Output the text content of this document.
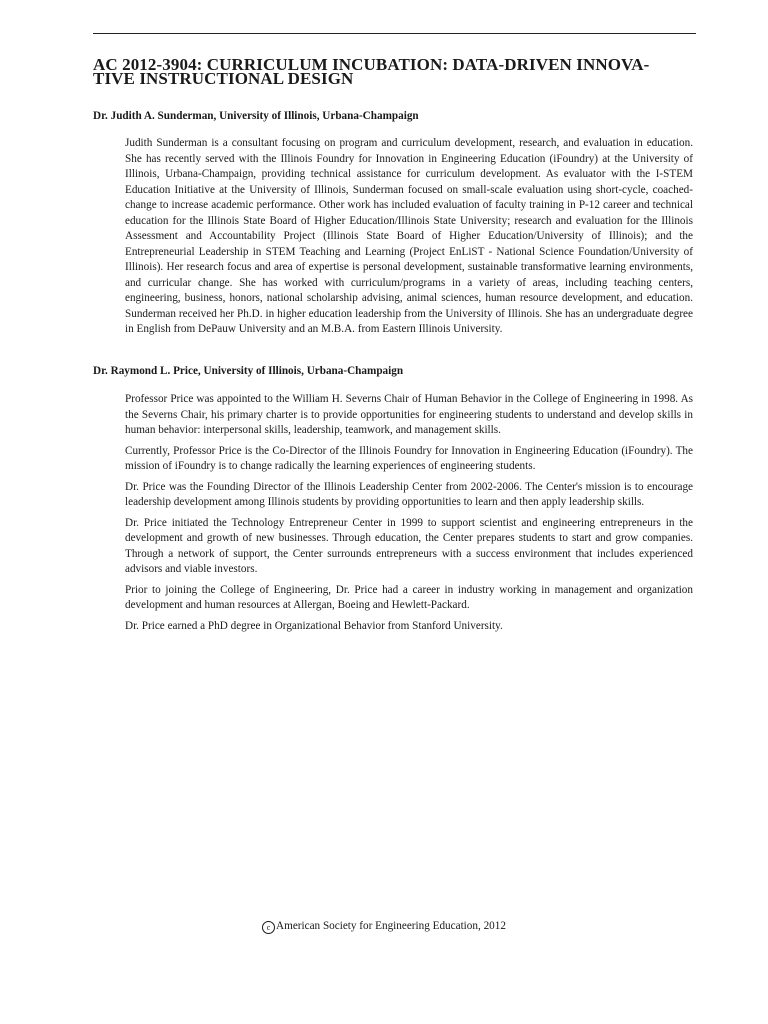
AC 2012-3904: CURRICULUM INCUBATION: DATA-DRIVEN INNOVA-
TIVE INSTRUCTIONAL DESIGN
Dr. Judith A. Sunderman, University of Illinois, Urbana-Champaign

Judith Sunderman is a consultant focusing on program and curriculum development, research, and evaluation in education. She has recently served with the Illinois Foundry for Innovation in Engineering Education (iFoundry) at the University of Illinois, Urbana-Champaign, providing technical assistance for curriculum development. As evaluator with the I-STEM Education Initiative at the University of Illinois, Sunderman focused on small-scale evaluation using short-cycle, coached-change to increase academic performance. Other work has included evaluation of faculty training in P-12 career and technical education for the Illinois State Board of Higher Education/Illinois State University; research and evaluation for the Illinois Assessment and Accountability Project (Illinois State Board of Higher Education/University of Illinois); and the Entrepreneurial Leadership in STEM Teaching and Learning (Project EnLiST - National Science Foundation/University of Illinois). Her research focus and area of expertise is personal development, sustainable transformative learning environments, and curricular change. She has worked with curriculum/programs in a variety of areas, including teaching centers, engineering, business, honors, national scholarship advising, animal sciences, human resource development, and education. Sunderman received her Ph.D. in higher education leadership from the University of Illinois. She has an undergraduate degree in English from DePauw University and an M.B.A. from Eastern Illinois University.

Dr. Raymond L. Price, University of Illinois, Urbana-Champaign

Professor Price was appointed to the William H. Severns Chair of Human Behavior in the College of Engineering in 1998. As the Severns Chair, his primary charter is to provide opportunities for engineering students to understand and develop skills in human behavior: interpersonal skills, leadership, teamwork, and management skills.

Currently, Professor Price is the Co-Director of the Illinois Foundry for Innovation in Engineering Education (iFoundry). The mission of iFoundry is to change radically the learning experiences of engineering students.

Dr. Price was the Founding Director of the Illinois Leadership Center from 2002-2006. The Center's mission is to encourage leadership development among Illinois students by providing opportunities to learn and then apply leadership skills.

Dr. Price initiated the Technology Entrepreneur Center in 1999 to support scientist and engineering entrepreneurs in the development and growth of new businesses. Through education, the Center prepares students to start and grow companies. Through a network of support, the Center surrounds entrepreneurs with a success environment that includes experienced advisors and viable investors.

Prior to joining the College of Engineering, Dr. Price had a career in industry working in management and organization development and human resources at Allergan, Boeing and Hewlett-Packard.

Dr. Price earned a PhD degree in Organizational Behavior from Stanford University.

c American Society for Engineering Education, 2012
